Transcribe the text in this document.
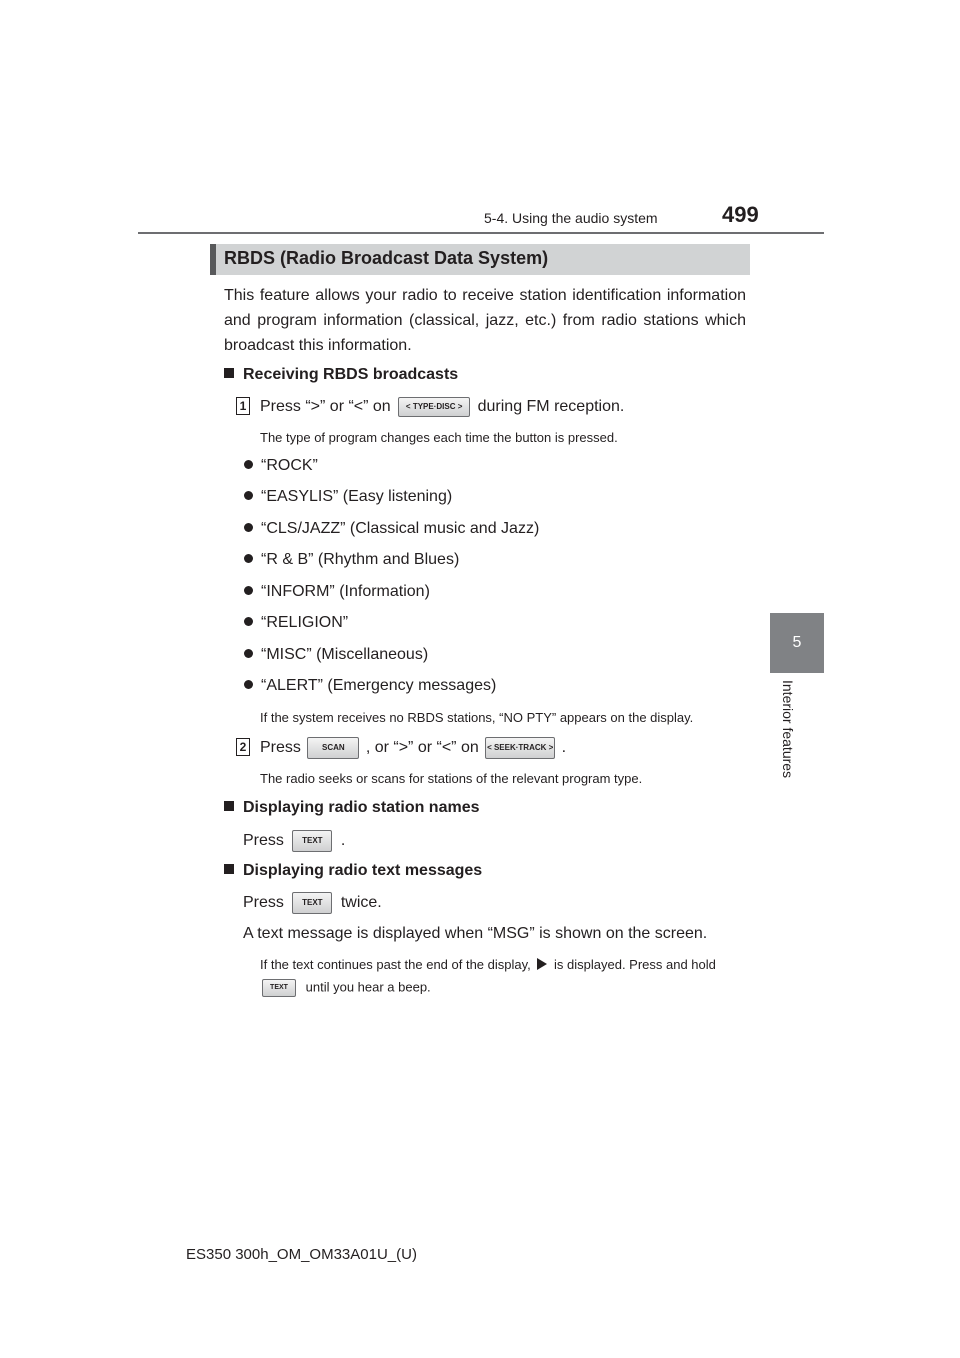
5-4. Using the audio system	499
5
Interior features
RBDS (Radio Broadcast Data System)
This feature allows your radio to receive station identification information and program information (classical, jazz, etc.) from radio stations which broadcast this information.
Receiving RBDS broadcasts
1 Press “>” or “<” on < TYPE·DISC > during FM reception.
The type of program changes each time the button is pressed.
“ROCK”
“EASYLIS” (Easy listening)
“CLS/JAZZ” (Classical music and Jazz)
“R & B” (Rhythm and Blues)
“INFORM” (Information)
“RELIGION”
“MISC” (Miscellaneous)
“ALERT” (Emergency messages)
If the system receives no RBDS stations, “NO PTY” appears on the display.
2 Press	SCAN , or “>” or “<” on < SEEK·TRACK > .
The radio seeks or scans for stations of the relevant program type.
Displaying radio station names
Press TEXT .
Displaying radio text messages
Press TEXT twice.
A text message is displayed when “MSG” is shown on the screen.
If the text continues past the end of the display, is displayed. Press and hold
TEXT until you hear a beep.
ES350 300h_OM_OM33A01U_(U)
